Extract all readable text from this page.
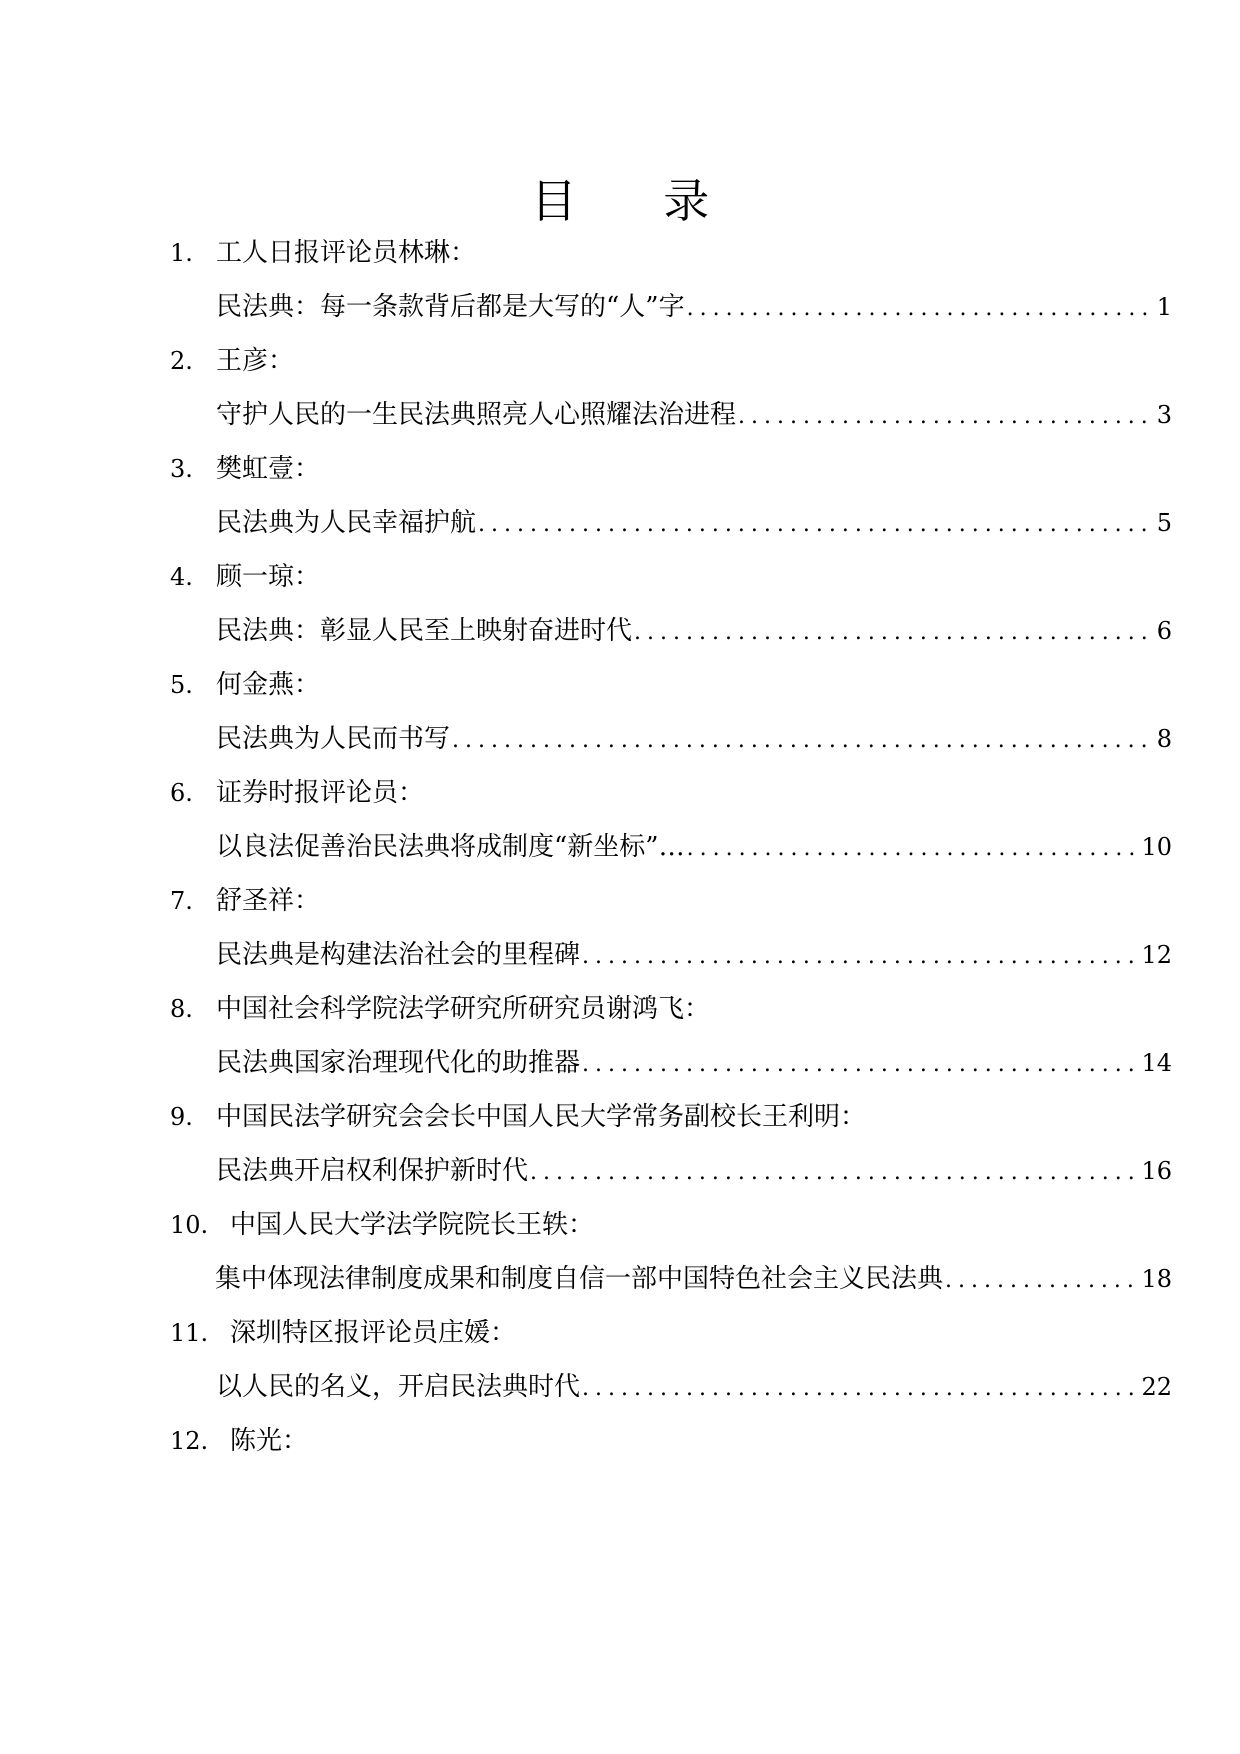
目 录
1. 工人日报评论员林琳：
民法典：每一条款背后都是大写的“人”字 .....	1
2. 王彦：
守护人民的一生民法典照亮人心照耀法治进程 .....	3
3. 樊虹壹：
民法典为人民幸福护航 .....	5
4. 顾一琼：
民法典：彰显人民至上映射奋进时代 .....	6
5. 何金燕：
民法典为人民而书写 .....	8
6. 证券时报评论员：
以良法促善治民法典将成制度“新坐标”… .....	10
7. 舒圣祥：
民法典是构建法治社会的里程碑 .....	12
8. 中国社会科学院法学研究所研究员谢鸿飞：
民法典国家治理现代化的助推器 .....	14
9. 中国民法学研究会会长中国人民大学常务副校长王利明：
民法典开启权利保护新时代 .....	16
10. 中国人民大学法学院院长王轶：
集中体现法律制度成果和制度自信一部中国特色社会主义民法典 .....	18
11. 深圳特区报评论员庄媛：
以人民的名义，开启民法典时代 .....	22
12. 陈光：
